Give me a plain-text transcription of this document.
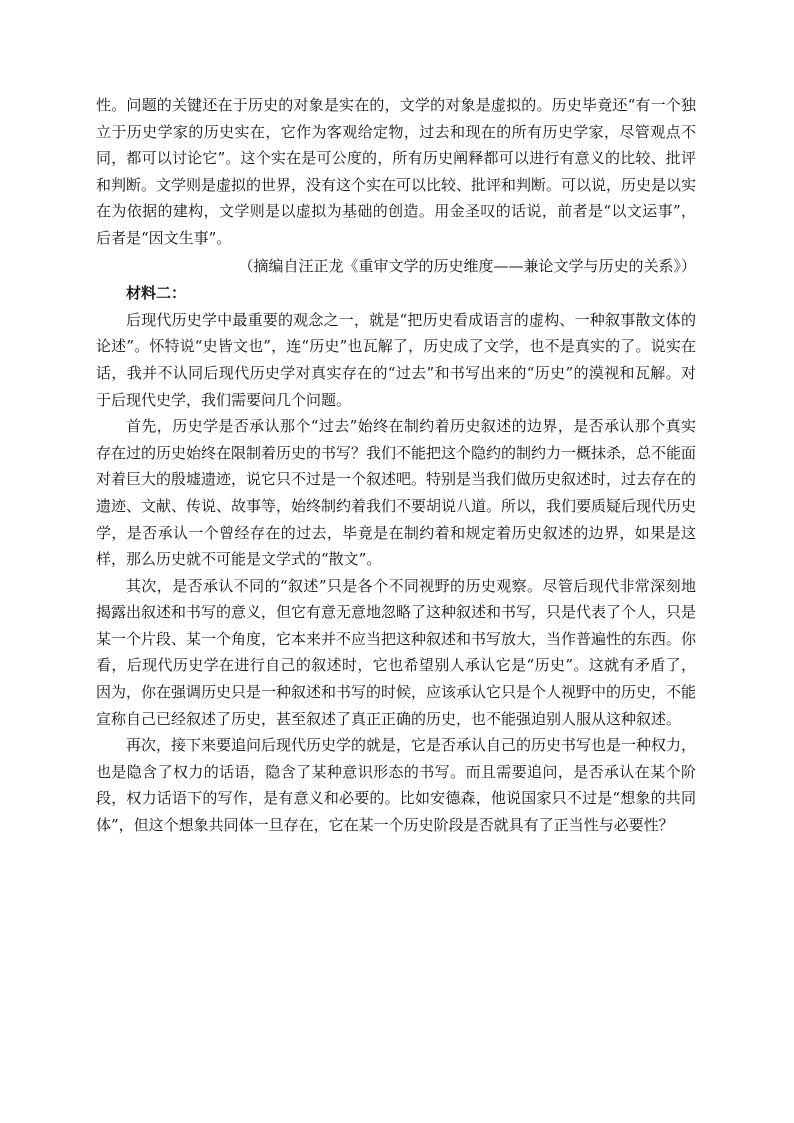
性。问题的关键还在于历史的对象是实在的，文学的对象是虚拟的。历史毕竟还“有一个独立于历史学家的历史实在，它作为客观给定物，过去和现在的所有历史学家，尽管观点不同，都可以讨论它”。这个实在是可公度的，所有历史阐释都可以进行有意义的比较、批评和判断。文学则是虚拟的世界，没有这个实在可以比较、批评和判断。可以说，历史是以实在为依据的建构，文学则是以虚拟为基础的创造。用金圣叹的话说，前者是“以文运事”，后者是“因文生事”。

（摘编自汪正龙《重审文学的历史维度——兼论文学与历史的关系》）

材料二：

后现代历史学中最重要的观念之一，就是“把历史看成语言的虚构、一种叙事散文体的论述”。怀特说“史皆文也”，连“历史”也瓦解了，历史成了文学，也不是真实的了。说实在话，我并不认同后现代历史学对真实存在的“过去”和书写出来的“历史”的漠视和瓦解。对于后现代史学，我们需要问几个问题。

首先，历史学是否承认那个“过去”始终在制约着历史叙述的边界，是否承认那个真实存在过的历史始终在限制着历史的书写？我们不能把这个隐约的制约力一概抹杀，总不能面对着巨大的殷墟遗迹，说它只不过是一个叙述吧。特别是当我们做历史叙述时，过去存在的遗迹、文献、传说、故事等，始终制约着我们不要胡说八道。所以，我们要质疑后现代历史学，是否承认一个曾经存在的过去，毕竟是在制约着和规定着历史叙述的边界，如果是这样，那么历史就不可能是文学式的“散文”。

其次，是否承认不同的“叙述”只是各个不同视野的历史观察。尽管后现代非常深刻地揭露出叙述和书写的意义，但它有意无意地忽略了这种叙述和书写，只是代表了个人，只是某一个片段、某一个角度，它本来并不应当把这种叙述和书写放大，当作普遍性的东西。你看，后现代历史学在进行自己的叙述时，它也希望别人承认它是“历史”。这就有矛盾了，因为，你在强调历史只是一种叙述和书写的时候，应该承认它只是个人视野中的历史，不能宣称自己已经叙述了历史，甚至叙述了真正正确的历史，也不能强迫别人服从这种叙述。

再次，接下来要追问后现代历史学的就是，它是否承认自己的历史书写也是一种权力，也是隐含了权力的话语，隐含了某种意识形态的书写。而且需要追问，是否承认在某个阶段，权力话语下的写作，是有意义和必要的。比如安德森，他说国家只不过是“想象的共同体”，但这个想象共同体一旦存在，它在某一个历史阶段是否就具有了正当性与必要性？
